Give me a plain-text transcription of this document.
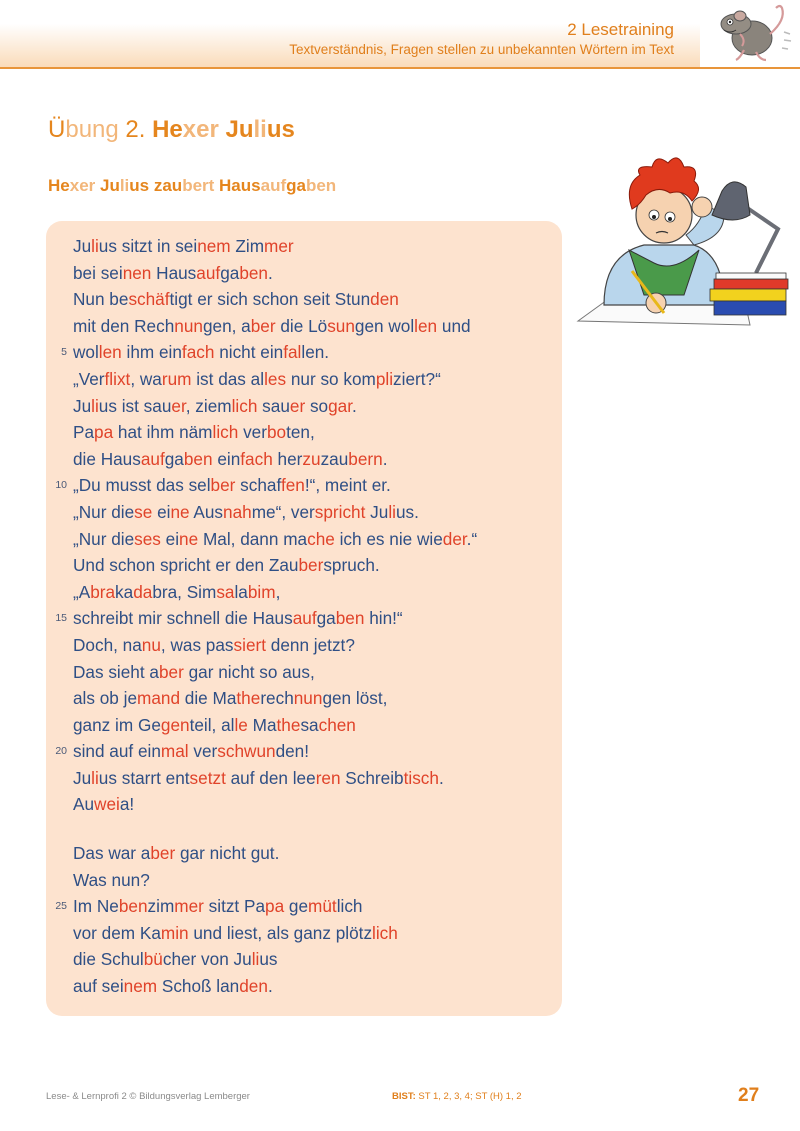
2 Lesetraining
Textverständnis, Fragen stellen zu unbekannten Wörtern im Text
Übung 2. Hexer Julius
Hexer Julius zaubert Hausaufgaben
Julius sitzt in seinem Zimmer
bei seinen Hausaufgaben.
Nun beschäftigt er sich schon seit Stunden
mit den Rechnungen, aber die Lösungen wollen und
5 wollen ihm einfach nicht einfallen.
„Verflixt, warum ist das alles nur so kompliziert?“
Julius ist sauer, ziemlich sauer sogar.
Papa hat ihm nämlich verboten,
die Hausaufgaben einfach herzuzaubern.
10 „Du musst das selber schaffen!“, meint er.
„Nur diese eine Ausnahme“, verspricht Julius.
„Nur dieses eine Mal, dann mache ich es nie wieder.“
Und schon spricht er den Zauberspruch.
„Abrakadabra, Simsalabim,
15 schreibt mir schnell die Hausaufgaben hin!“
Doch, nanu, was passiert denn jetzt?
Das sieht aber gar nicht so aus,
als ob jemand die Matherechnungen löst,
ganz im Gegenteil, alle Mathesachen
20 sind auf einmal verschwunden!
Julius starrt entsetzt auf den leeren Schreibtisch.
Auweia!
Das war aber gar nicht gut.
Was nun?
25 Im Nebenzimmer sitzt Papa gemütlich
vor dem Kamin und liest, als ganz plötzlich
die Schulbücher von Julius
auf seinem Schoß landen.
Lese- & Lernprofi 2 © Bildungsverlag Lemberger	BIST: ST 1, 2, 3, 4; ST (H) 1, 2	27
